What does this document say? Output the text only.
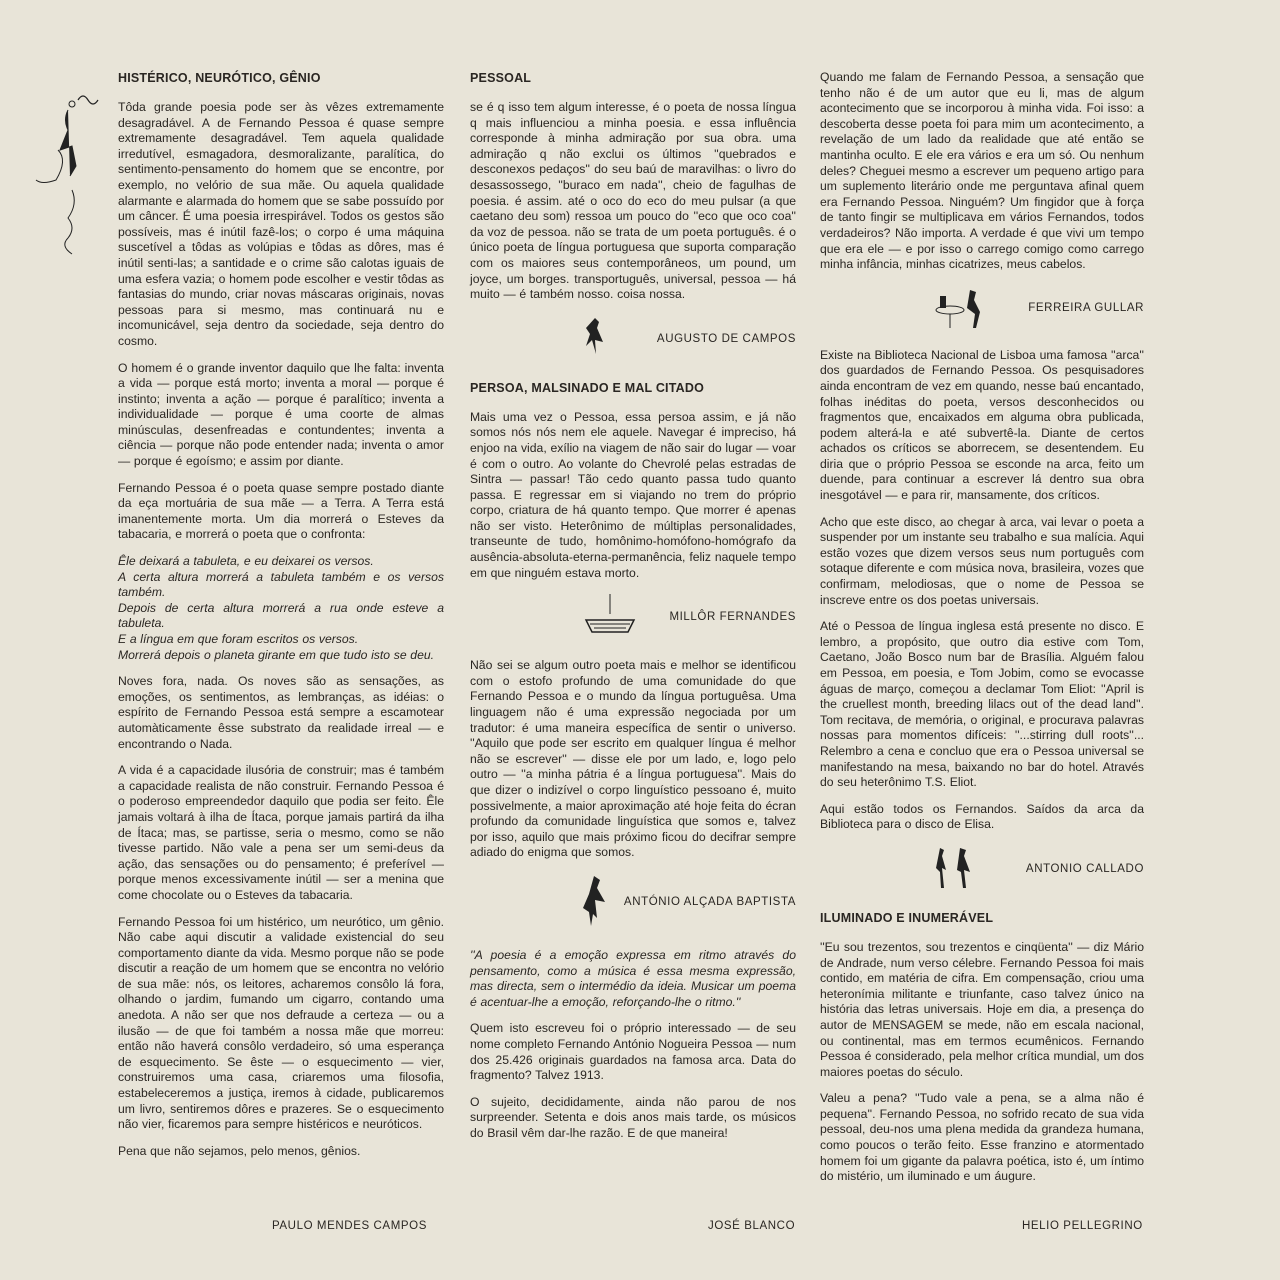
HISTÉRICO, NEURÓTICO, GÊNIO

Tôda grande poesia pode ser às vêzes extremamente desagradável. A de Fernando Pessoa é quase sempre extremamente desagradável. Tem aquela qualidade irredutível, esmagadora, desmoralizante, paralítica, do sentimento-pensamento do homem que se encontre, por exemplo, no velório de sua mãe. Ou aquela qualidade alarmante e alarmada do homem que se sabe possuído por um câncer. É uma poesia irrespirável. Todos os gestos são possíveis, mas é inútil fazê-los; o corpo é uma máquina suscetível a tôdas as volúpias e tôdas as dôres, mas é inútil senti-las; a santidade e o crime são calotas iguais de uma esfera vazia; o homem pode escolher e vestir tôdas as fantasias do mundo, criar novas máscaras originais, novas pessoas para si mesmo, mas continuará nu e incomunicável, seja dentro da sociedade, seja dentro do cosmo.

O homem é o grande inventor daquilo que lhe falta: inventa a vida — porque está morto; inventa a moral — porque é instinto; inventa a ação — porque é paralítico; inventa a individualidade — porque é uma coorte de almas minúsculas, desenfreadas e contundentes; inventa a ciência — porque não pode entender nada; inventa o amor — porque é egoísmo; e assim por diante.

Fernando Pessoa é o poeta quase sempre postado diante da eça mortuária de sua mãe — a Terra. A Terra está imanentemente morta. Um dia morrerá o Esteves da tabacaria, e morrerá o poeta que o confronta:

Êle deixará a tabuleta, e eu deixarei os versos.

A certa altura morrerá a tabuleta também e os versos também.

Depois de certa altura morrerá a rua onde esteve a tabuleta.

E a língua em que foram escritos os versos.

Morrerá depois o planeta girante em que tudo isto se deu.

Noves fora, nada. Os noves são as sensações, as emoções, os sentimentos, as lembranças, as idéias: o espírito de Fernando Pessoa está sempre a escamotear automàticamente êsse substrato da realidade irreal — e encontrando o Nada.

A vida é a capacidade ilusória de construir; mas é também a capacidade realista de não construir. Fernando Pessoa é o poderoso empreendedor daquilo que podia ser feito. Êle jamais voltará à ilha de Ítaca, porque jamais partirá da ilha de Ítaca; mas, se partisse, seria o mesmo, como se não tivesse partido. Não vale a pena ser um semi-deus da ação, das sensações ou do pensamento; é preferível — porque menos excessivamente inútil — ser a menina que come chocolate ou o Esteves da tabacaria.

Fernando Pessoa foi um histérico, um neurótico, um gênio. Não cabe aqui discutir a validade existencial do seu comportamento diante da vida. Mesmo porque não se pode discutir a reação de um homem que se encontra no velório de sua mãe: nós, os leitores, acharemos consôlo lá fora, olhando o jardim, fumando um cigarro, contando uma anedota. A não ser que nos defraude a certeza — ou a ilusão — de que foi também a nossa mãe que morreu: então não haverá consôlo verdadeiro, só uma esperança de esquecimento. Se êste — o esquecimento — vier, construiremos uma casa, criaremos uma filosofia, estabeleceremos a justiça, iremos à cidade, publicaremos um livro, sentiremos dôres e prazeres. Se o esquecimento não vier, ficaremos para sempre histéricos e neuróticos.

Pena que não sejamos, pelo menos, gênios.

PAULO MENDES CAMPOS
PESSOAL

se é q isso tem algum interesse, é o poeta de nossa língua q mais influenciou a minha poesia. e essa influência corresponde à minha admiração por sua obra. uma admiração q não exclui os últimos ''quebrados e desconexos pedaços'' do seu baú de maravilhas: o livro do desassossego, ''buraco em nada'', cheio de fagulhas de poesia. é assim. até o oco do eco do meu pulsar (a que caetano deu som) ressoa um pouco do ''eco que oco coa'' da voz de pessoa. não se trata de um poeta português. é o único poeta de língua portuguesa que suporta comparação com os maiores seus contemporâneos, um pound, um joyce, um borges. transportuguês, universal, pessoa — há muito — é também nosso. coisa nossa.

AUGUSTO DE CAMPOS
PERSOA, MALSINADO E MAL CITADO

Mais uma vez o Pessoa, essa persoa assim, e já não somos nós nós nem ele aquele. Navegar é impreciso, há enjoo na vida, exílio na viagem de não sair do lugar — voar é com o outro. Ao volante do Chevrolé pelas estradas de Sintra — passar! Tão cedo quanto passa tudo quanto passa. E regressar em si viajando no trem do próprio corpo, criatura de há quanto tempo. Que morrer é apenas não ser visto. Heterônimo de múltiplas personalidades, transeunte de tudo, homônimo-homófono-homógrafo da ausência-absoluta-eterna-permanência, feliz naquele tempo em que ninguém estava morto.

MILLÔR FERNANDES

Não sei se algum outro poeta mais e melhor se identificou com o estofo profundo de uma comunidade do que Fernando Pessoa e o mundo da língua portuguêsa. Uma linguagem não é uma expressão negociada por um tradutor: é uma maneira específica de sentir o universo. ''Aquilo que pode ser escrito em qualquer língua é melhor não se escrever'' — disse ele por um lado, e, logo pelo outro — ''a minha pátria é a língua portuguesa''. Mais do que dizer o indizível o corpo linguístico pessoano é, muito possivelmente, a maior aproximação até hoje feita do écran profundo da comunidade linguística que somos e, talvez por isso, aquilo que mais próximo ficou do decifrar sempre adiado do enigma que somos.

ANTÓNIO ALÇADA BAPTISTA

''A poesia é a emoção expressa em ritmo através do pensamento, como a música é essa mesma expressão, mas directa, sem o intermédio da ideia. Musicar um poema é acentuar-lhe a emoção, reforçando-lhe o ritmo.''

Quem isto escreveu foi o próprio interessado — de seu nome completo Fernando António Nogueira Pessoa — num dos 25.426 originais guardados na famosa arca. Data do fragmento? Talvez 1913.

O sujeito, decididamente, ainda não parou de nos surpreender. Setenta e dois anos mais tarde, os músicos do Brasil vêm dar-lhe razão. E de que maneira!

JOSÉ BLANCO

Quando me falam de Fernando Pessoa, a sensação que tenho não é de um autor que eu li, mas de algum acontecimento que se incorporou à minha vida. Foi isso: a descoberta desse poeta foi para mim um acontecimento, a revelação de um lado da realidade que até então se mantinha oculto. E ele era vários e era um só. Ou nenhum deles? Cheguei mesmo a escrever um pequeno artigo para um suplemento literário onde me perguntava afinal quem era Fernando Pessoa. Ninguém? Um fingidor que à força de tanto fingir se multiplicava em vários Fernandos, todos verdadeiros? Não importa. A verdade é que vivi um tempo que era ele — e por isso o carrego comigo como carrego minha infância, minhas cicatrizes, meus cabelos.

FERREIRA GULLAR

Existe na Biblioteca Nacional de Lisboa uma famosa ''arca'' dos guardados de Fernando Pessoa. Os pesquisadores ainda encontram de vez em quando, nesse baú encantado, folhas inéditas do poeta, versos desconhecidos ou fragmentos que, encaixados em alguma obra publicada, podem alterá-la e até subvertê-la. Diante de certos achados os críticos se aborrecem, se desentendem. Eu diria que o próprio Pessoa se esconde na arca, feito um duende, para continuar a escrever lá dentro sua obra inesgotável — e para rir, mansamente, dos críticos.

Acho que este disco, ao chegar à arca, vai levar o poeta a suspender por um instante seu trabalho e sua malícia. Aqui estão vozes que dizem versos seus num português com sotaque diferente e com música nova, brasileira, vozes que confirmam, melodiosas, que o nome de Pessoa se inscreve entre os dos poetas universais.

Até o Pessoa de língua inglesa está presente no disco. E lembro, a propósito, que outro dia estive com Tom, Caetano, João Bosco num bar de Brasília. Alguém falou em Pessoa, em poesia, e Tom Jobim, como se evocasse águas de março, começou a declamar Tom Eliot: ''April is the cruellest month, breeding lilacs out of the dead land''. Tom recitava, de memória, o original, e procurava palavras nossas para momentos difíceis: ''...stirring dull roots''... Relembro a cena e concluo que era o Pessoa universal se manifestando na mesa, baixando no bar do hotel. Através do seu heterônimo T.S. Eliot.

Aqui estão todos os Fernandos. Saídos da arca da Biblioteca para o disco de Elisa.

ANTONIO CALLADO
ILUMINADO E INUMERÁVEL

''Eu sou trezentos, sou trezentos e cinqüenta'' — diz Mário de Andrade, num verso célebre. Fernando Pessoa foi mais contido, em matéria de cifra. Em compensação, criou uma heteronímia militante e triunfante, caso talvez único na história das letras universais. Hoje em dia, a presença do autor de MENSAGEM se mede, não em escala nacional, ou continental, mas em termos ecumênicos. Fernando Pessoa é considerado, pela melhor crítica mundial, um dos maiores poetas do século.

Valeu a pena? ''Tudo vale a pena, se a alma não é pequena''. Fernando Pessoa, no sofrido recato de sua vida pessoal, deu-nos uma plena medida da grandeza humana, como poucos o terão feito. Esse franzino e atormentado homem foi um gigante da palavra poética, isto é, um íntimo do mistério, um iluminado e um áugure.

HELIO PELLEGRINO
